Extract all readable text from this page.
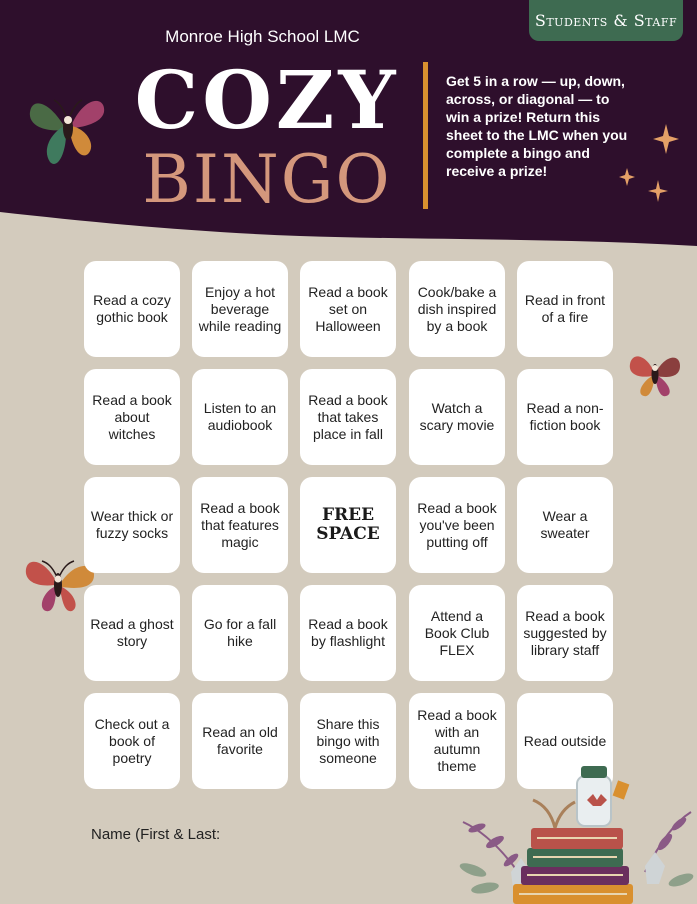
Students & Staff
Monroe High School LMC
COZY
BINGO
Get 5 in a row — up, down, across, or diagonal — to win a prize! Return this sheet to the LMC when you complete a bingo and receive a prize!
Read a cozy gothic book
Enjoy a hot beverage while reading
Read a book set on Halloween
Cook/bake a dish inspired by a book
Read in front of a fire
Read a book about witches
Listen to an audiobook
Read a book that takes place in fall
Watch a scary movie
Read a non-fiction book
Wear thick or fuzzy socks
Read a book that features magic
FREE SPACE
Read a book you've been putting off
Wear a sweater
Read a ghost story
Go for a fall hike
Read a book by flashlight
Attend a Book Club FLEX
Read a book suggested by library staff
Check out a book of poetry
Read an old favorite
Share this bingo with someone
Read a book with an autumn theme
Read outside
Name (First & Last:
